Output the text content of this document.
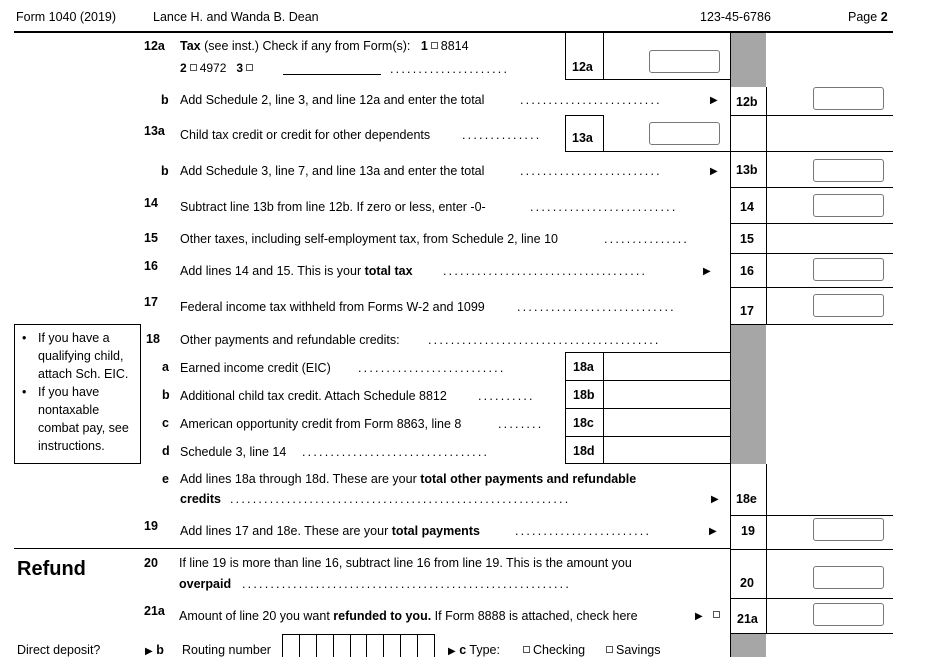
Form 1040 (2019)	Lance H. and Wanda B. Dean	123-45-6786	Page 2
12a Tax (see inst.) Check if any from Form(s): 1 8814
2 4972 3	.....................	12a
b Add Schedule 2, line 3, and line 12a and enter the total	.........................	▶ 12b
13a Child tax credit or credit for other dependents	..............	13a
b Add Schedule 3, line 7, and line 13a and enter the total	.........................	▶ 13b
14 Subtract line 13b from line 12b. If zero or less, enter -0-	..........................	14
15 Other taxes, including self-employment tax, from Schedule 2, line 10	...............	15
16 Add lines 14 and 15. This is your total tax ....................................	▶ 16
17 Federal income tax withheld from Forms W-2 and 1099	............................	17
• If you have a
qualifying child,
attach Sch. EIC.
• If you have
nontaxable
combat pay, see
instructions.
18 Other payments and refundable credits: .........................................
a Earned income credit (EIC) ..........................	18a
b Additional child tax credit. Attach Schedule 8812 ..........	18b
c American opportunity credit from Form 8863, line 8	........	18c
d Schedule 3, line 14 .................................	18d
e Add lines 18a through 18d. These are your total other payments and refundable
credits ............................................................	▶ 18e
19 Add lines 17 and 18e. These are your total payments	........................	▶ 19
Refund	20 If line 19 is more than line 16, subtract line 16 from line 19. This is the amount you
overpaid ..........................................................	20
21a Amount of line 20 you want refunded to you. If Form 8888 is attached, check here	▶	21a
Direct deposit?	▶ b Routing number	▶ c Type:	Checking	Savings
